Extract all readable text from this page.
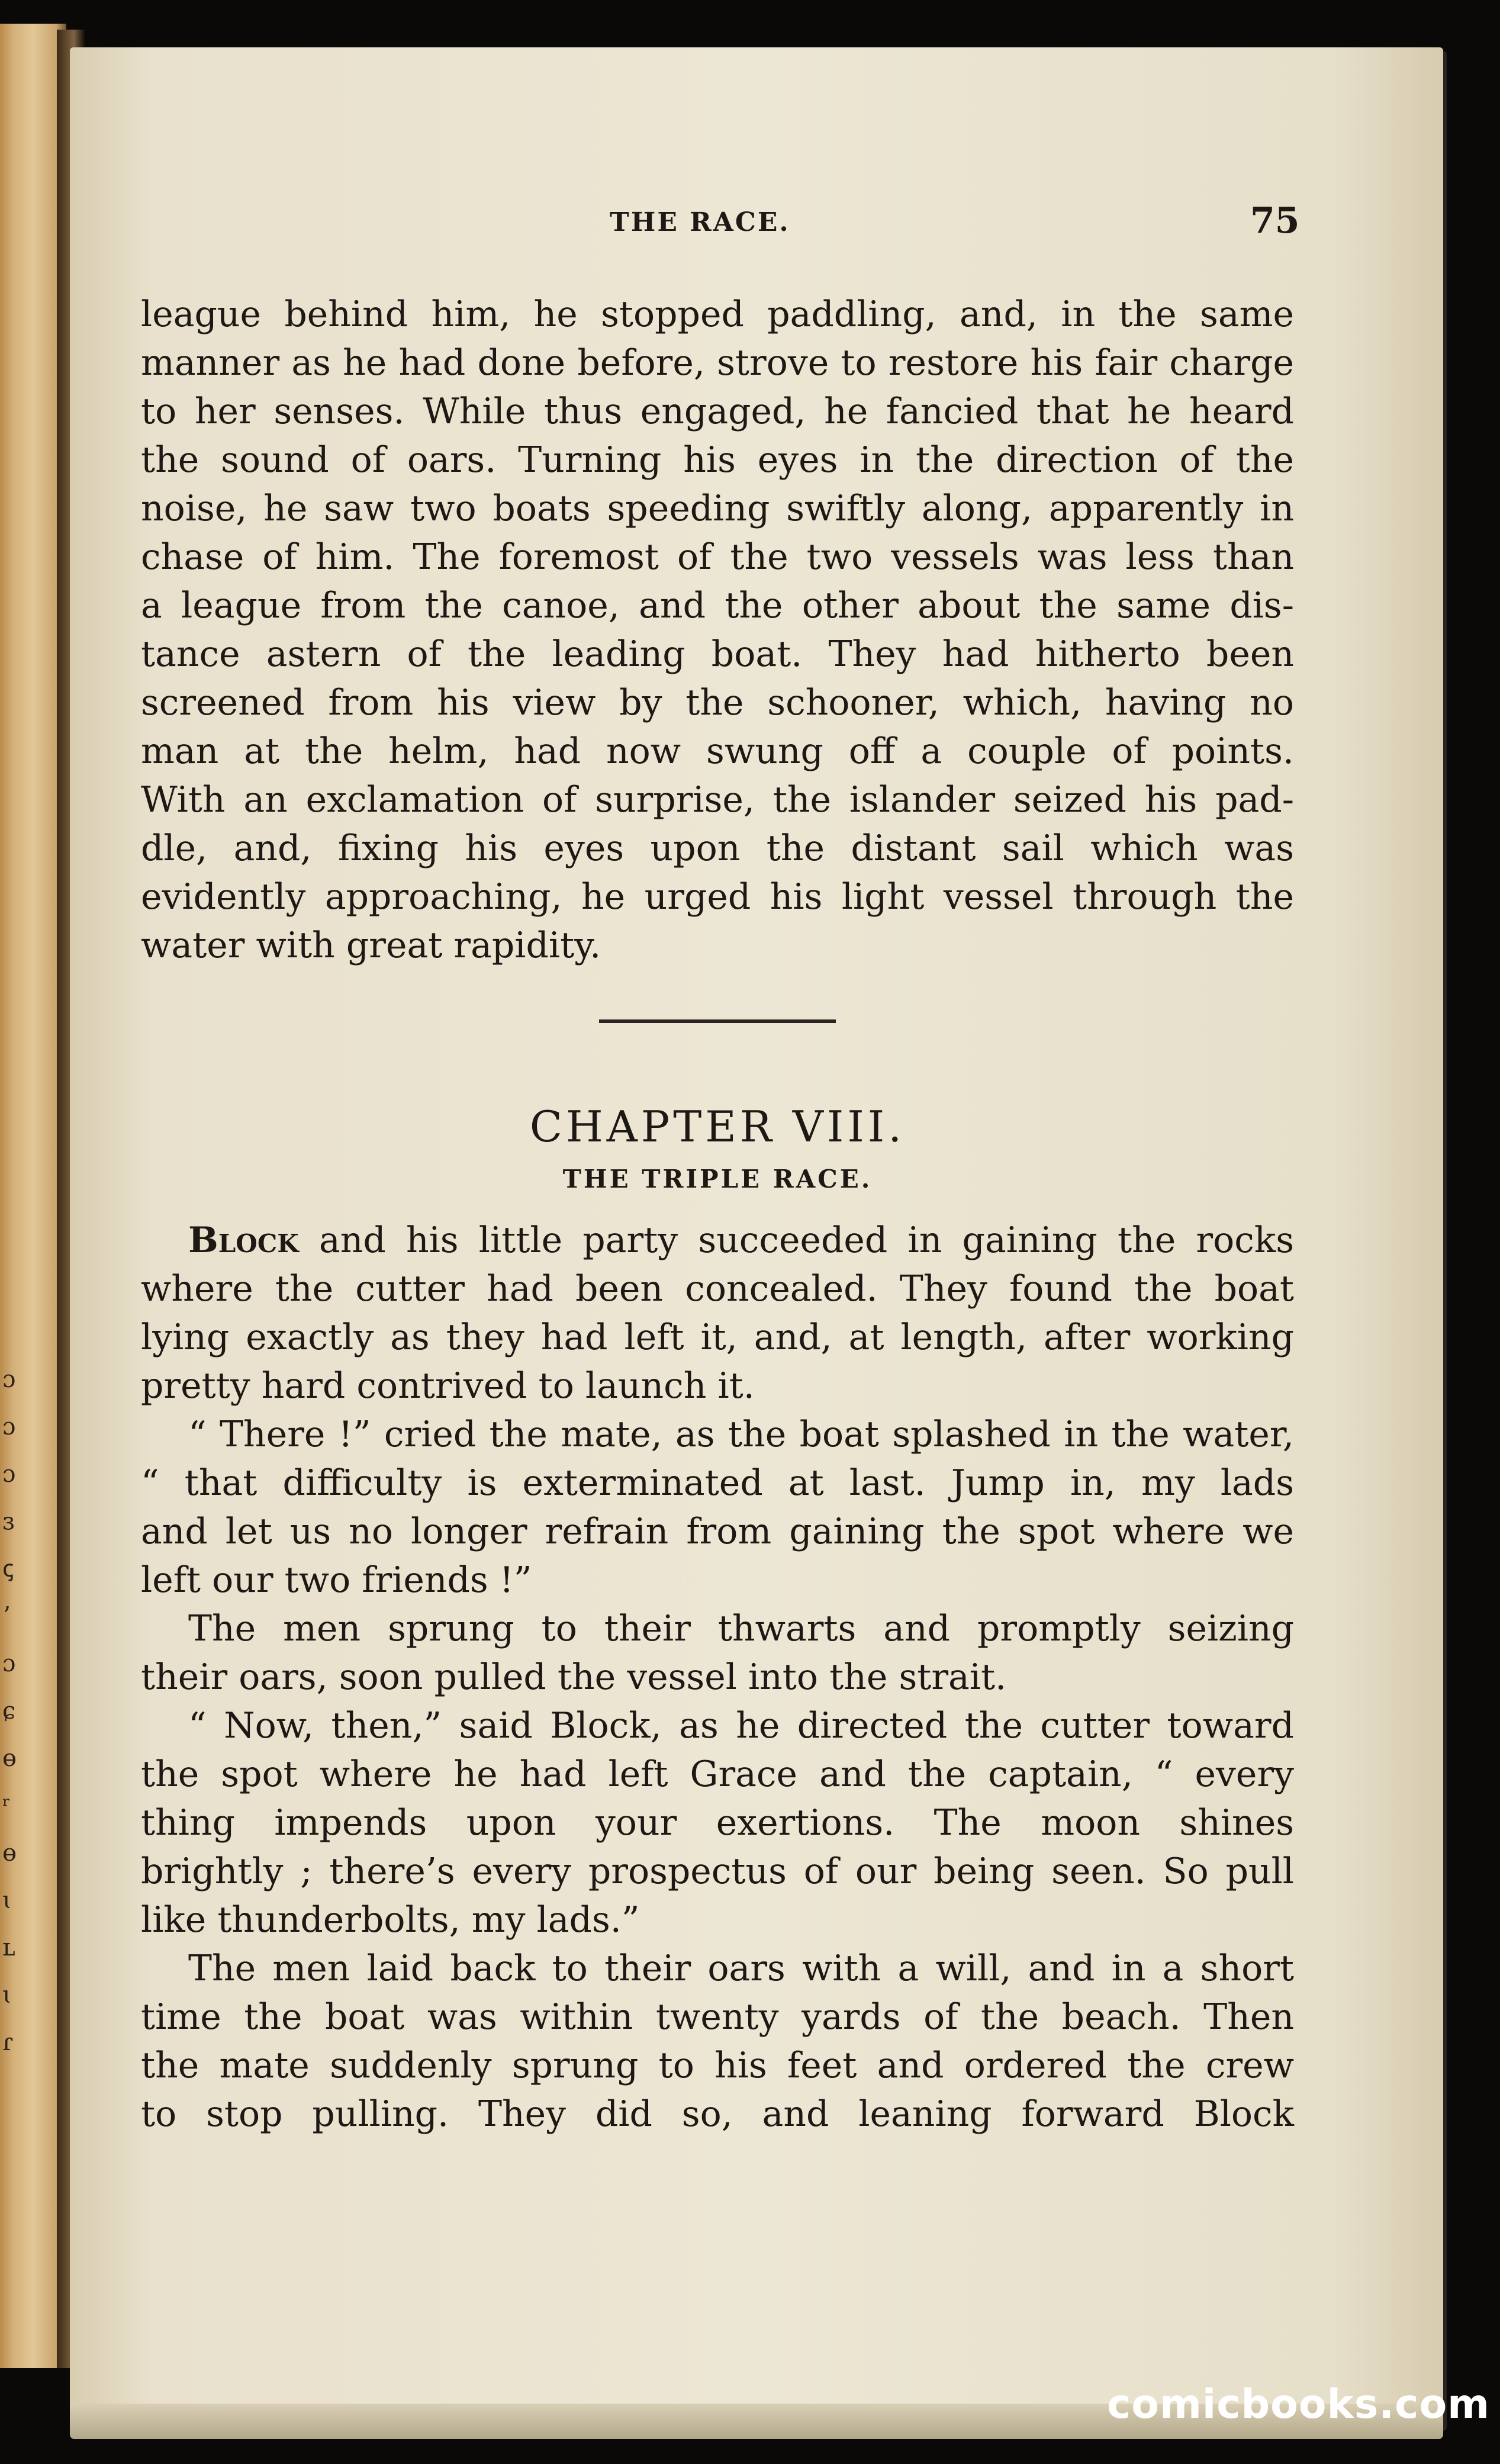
ɔ
ɔ
ɔ
ɜ
ꞔ
ʼ
ɔ
ɕ
ɵ
ʳ
ɵ
ɩ
ʟ
ɩ
ɾ
THE RACE.	75

league behind him, he stopped paddling, and, in the same

manner as he had done before, strove to restore his fair charge

to her senses. While thus engaged, he fancied that he heard

the sound of oars. Turning his eyes in the direction of the

noise, he saw two boats speeding swiftly along, apparently in

chase of him. The foremost of the two vessels was less than

a league from the canoe, and the other about the same dis-

tance astern of the leading boat. They had hitherto been

screened from his view by the schooner, which, having no

man at the helm, had now swung off a couple of points.

With an exclamation of surprise, the islander seized his pad-

dle, and, fixing his eyes upon the distant sail which was

evidently approaching, he urged his light vessel through the

water with great rapidity.

CHAPTER VIII.
THE TRIPLE RACE.

Block and his little party succeeded in gaining the rocks

where the cutter had been concealed. They found the boat

lying exactly as they had left it, and, at length, after working

pretty hard contrived to launch it.

“ There !” cried the mate, as the boat splashed in the water,

“ that difficulty is exterminated at last. Jump in, my lads

and let us no longer refrain from gaining the spot where we

left our two friends !”

The men sprung to their thwarts and promptly seizing

their oars, soon pulled the vessel into the strait.

“ Now, then,” said Block, as he directed the cutter toward

the spot where he had left Grace and the captain, “ every

thing impends upon your exertions. The moon shines

brightly ; there’s every prospectus of our being seen. So pull

like thunderbolts, my lads.”

The men laid back to their oars with a will, and in a short

time the boat was within twenty yards of the beach. Then

the mate suddenly sprung to his feet and ordered the crew

to stop pulling. They did so, and leaning forward Block

comicbooks.com
